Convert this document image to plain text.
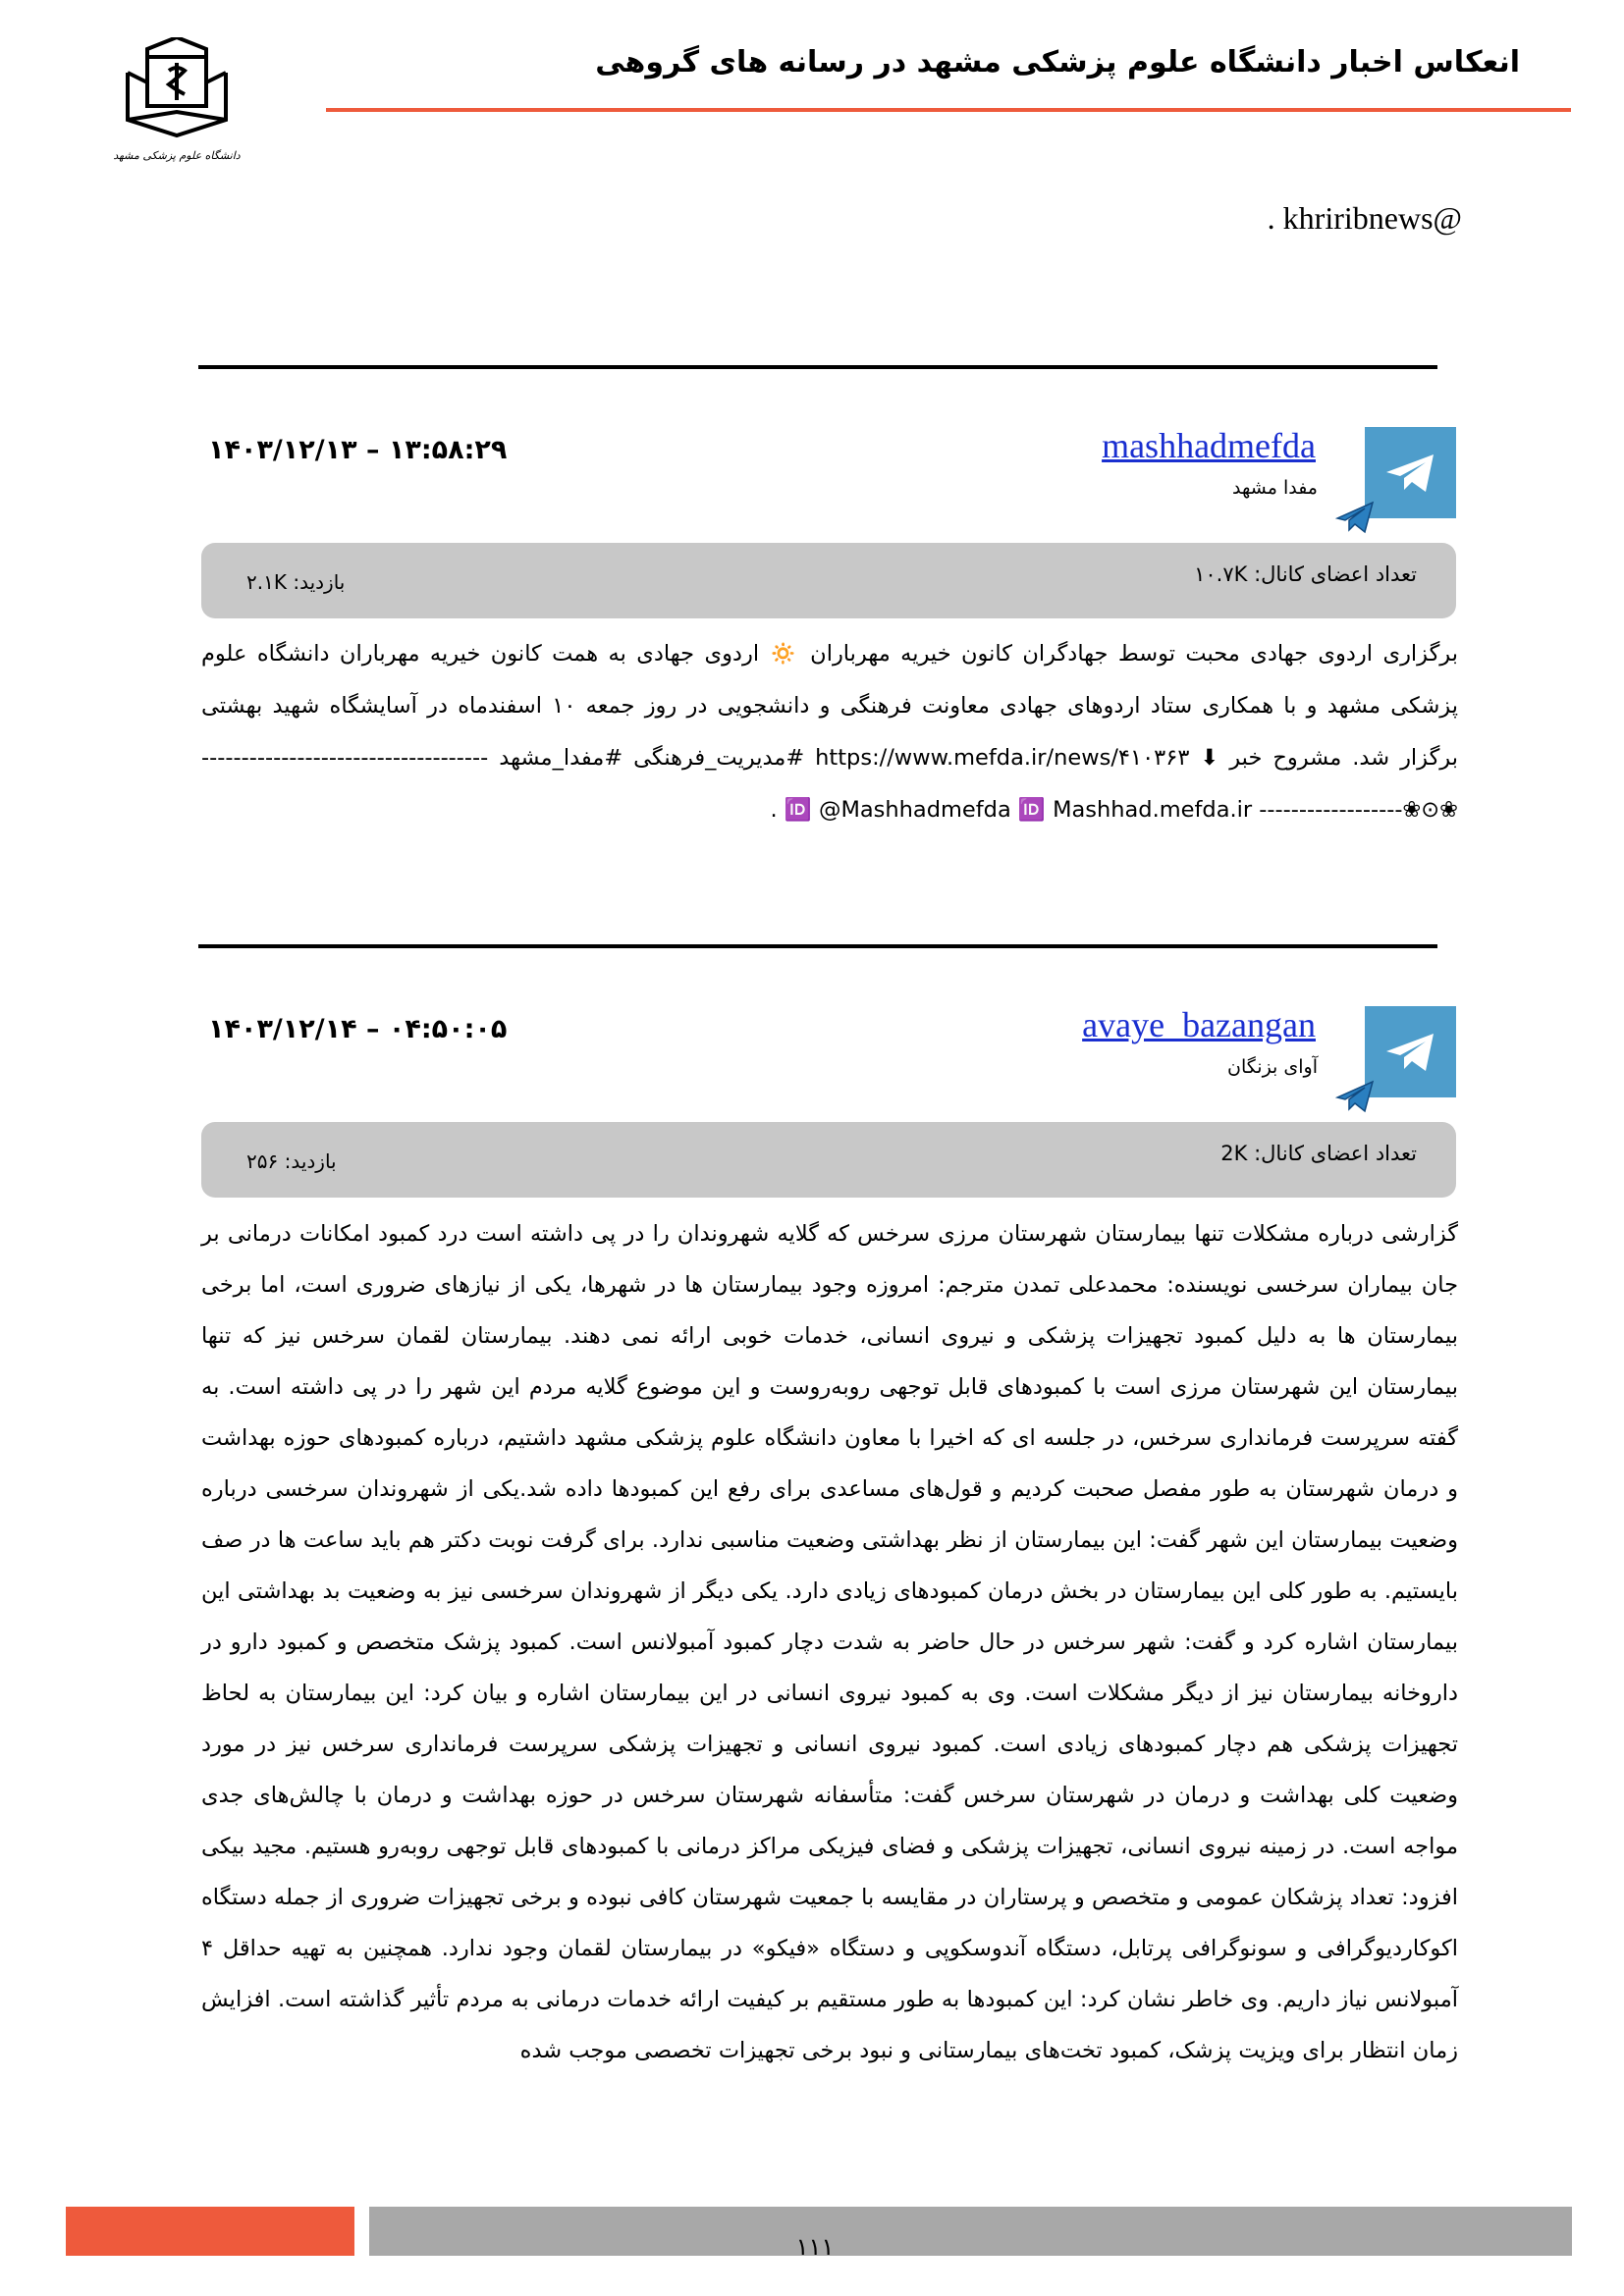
دانشگاه علوم پزشکی مشهد
انعکاس اخبار دانشگاه علوم پزشکی مشهد در رسانه های گروهی
@khriribnews .
mashhadmefda
مفدا مشهد
۱۴۰۳/۱۲/۱۳ – ۱۳:۵۸:۲۹
تعداد اعضای کانال: ۱۰.۷K
بازدید: ۲.۱K

برگزاری اردوی جهادی محبت توسط جهادگران کانون خیریه مهرباران 🔅 اردوی جهادی به همت کانون خیریه مهرباران دانشگاه علوم پزشکی مشهد و با همکاری ستاد اردوهای جهادی معاونت فرهنگی و دانشجویی در روز جمعه ۱۰ اسفندماه در آسایشگاه شهید بهشتی برگزار شد. مشروح خبر ⬇ https://www.mefda.ir/news/۴۱۰۳۶۳ #مدیریت_فرهنگی #مفدا_مشهد ------------------------------------❀⊙❀------------------ 🆔 @Mashhadmefda 🆔 Mashhad.mefda.ir .

avaye_bazangan
آوای بزنگان
۱۴۰۳/۱۲/۱۴ – ۰۴:۵۰:۰۵
تعداد اعضای کانال: 2K
بازدید: ۲۵۶

گزارشی درباره مشکلات تنها بیمارستان شهرستان مرزی سرخس که گلایه شهروندان را در پی داشته است درد کمبود امکانات درمانی بر جان بیماران سرخسی نویسنده: محمدعلی تمدن مترجم: امروزه وجود بیمارستان ها در شهرها، یکی از نیازهای ضروری است، اما برخی بیمارستان ها به دلیل کمبود تجهیزات پزشکی و نیروی انسانی، خدمات خوبی ارائه نمی دهند. بیمارستان لقمان سرخس نیز که تنها بیمارستان این شهرستان مرزی است با کمبودهای قابل توجهی روبه‌روست و این موضوع گلایه مردم این شهر را در پی داشته است. به گفته سرپرست فرمانداری سرخس، در جلسه ای که اخیرا با معاون دانشگاه علوم پزشکی مشهد داشتیم، درباره کمبودهای حوزه بهداشت و درمان شهرستان به طور مفصل صحبت کردیم و قول‌های مساعدی برای رفع این کمبودها داده شد.یکی از شهروندان سرخسی درباره وضعیت بیمارستان این شهر گفت: این بیمارستان از نظر بهداشتی وضعیت مناسبی ندارد. برای گرفت نوبت دکتر هم باید ساعت ها در صف بایستیم. به طور کلی این بیمارستان در بخش درمان کمبودهای زیادی دارد. یکی دیگر از شهروندان سرخسی نیز به وضعیت بد بهداشتی این بیمارستان اشاره کرد و گفت: شهر سرخس در حال حاضر به شدت دچار کمبود آمبولانس است. کمبود پزشک متخصص و کمبود دارو در داروخانه بیمارستان نیز از دیگر مشکلات است. وی به کمبود نیروی انسانی در این بیمارستان اشاره و بیان کرد: این بیمارستان به لحاظ تجهیزات پزشکی هم دچار کمبودهای زیادی است. کمبود نیروی انسانی و تجهیزات پزشکی سرپرست فرمانداری سرخس نیز در مورد وضعیت کلی بهداشت و درمان در شهرستان سرخس گفت: متأسفانه شهرستان سرخس در حوزه بهداشت و درمان با چالش‌های جدی مواجه است. در زمینه نیروی انسانی، تجهیزات پزشکی و فضای فیزیکی مراکز درمانی با کمبودهای قابل توجهی روبه‌رو هستیم. مجید بیکی افزود: تعداد پزشکان عمومی و متخصص و پرستاران در مقایسه با جمعیت شهرستان کافی نبوده و برخی تجهیزات ضروری از جمله دستگاه اکوکاردیوگرافی و سونوگرافی پرتابل، دستگاه آندوسکوپی و دستگاه «فیکو» در بیمارستان لقمان وجود ندارد. همچنین به تهیه حداقل ۴ آمبولانس نیاز داریم. وی خاطر نشان کرد: این کمبودها به طور مستقیم بر کیفیت ارائه خدمات درمانی به مردم تأثیر گذاشته است. افزایش زمان انتظار برای ویزیت پزشک، کمبود تخت‌های بیمارستانی و نبود برخی تجهیزات تخصصی موجب شده

۱۱۱
